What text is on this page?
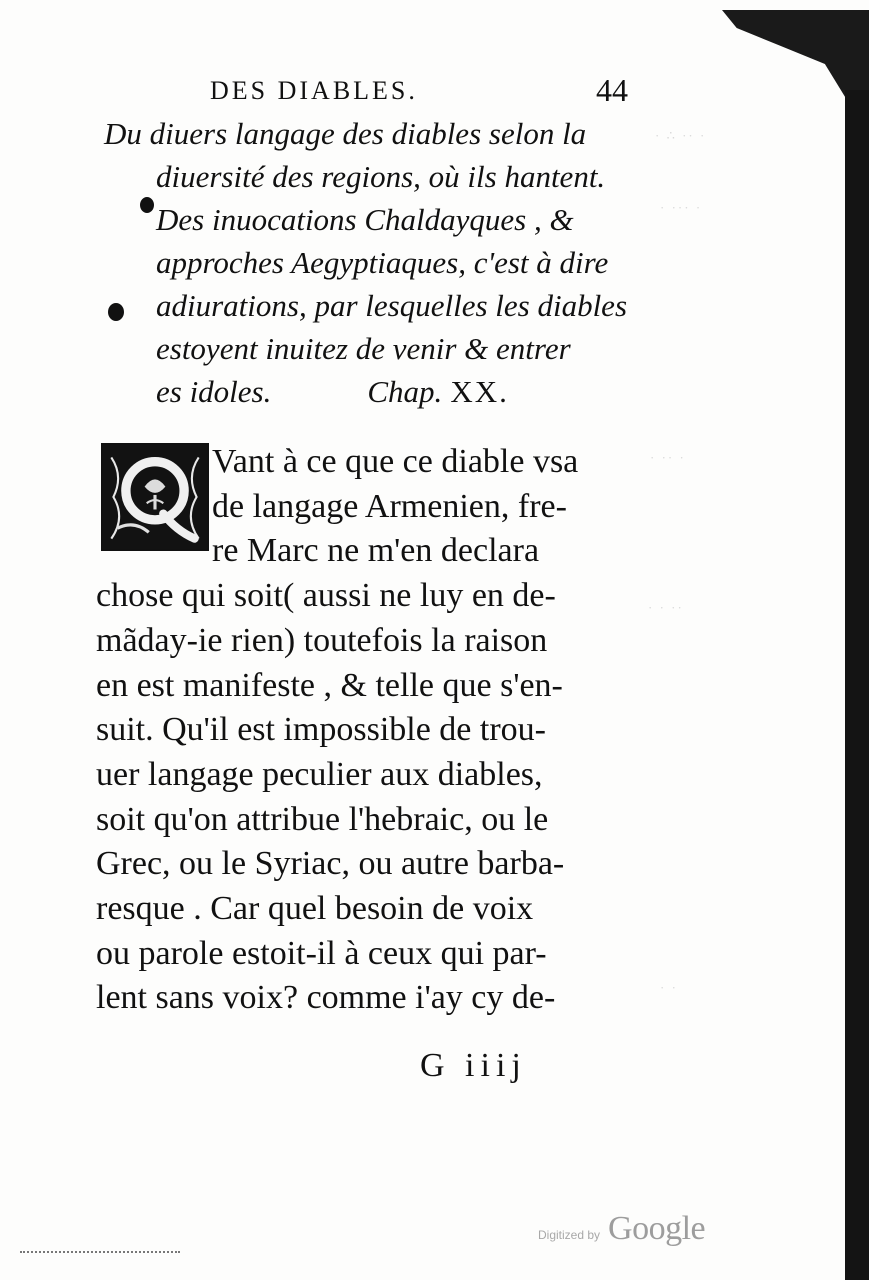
· ∴ ·· ·
· ··· ·
· ·· ·
· · ··
· ·
DES DIABLES.	44
Du diuers langage des diables selon la
diuersité des regions, où ils hantent.
Des inuocations Chaldayques , &
approches Aegyptiaques, c'est à dire
adiurations, par lesquelles les diables
estoyent inuitez de venir & entrer
es idoles.	Chap. XX.
Vant à ce que ce diable vsa
de langage Armenien, fre-
re Marc ne m'en declara
chose qui soit( aussi ne luy en de-
mãday-ie rien) toutefois la raison
en est manifeste , & telle que s'en-
suit. Qu'il est impossible de trou-
uer langage peculier aux diables,
soit qu'on attribue l'hebraic, ou le
Grec, ou le Syriac, ou autre barba-
resque . Car quel besoin de voix
ou parole estoit-il à ceux qui par-
lent sans voix? comme i'ay cy de-
G iiij
Digitized by Google
